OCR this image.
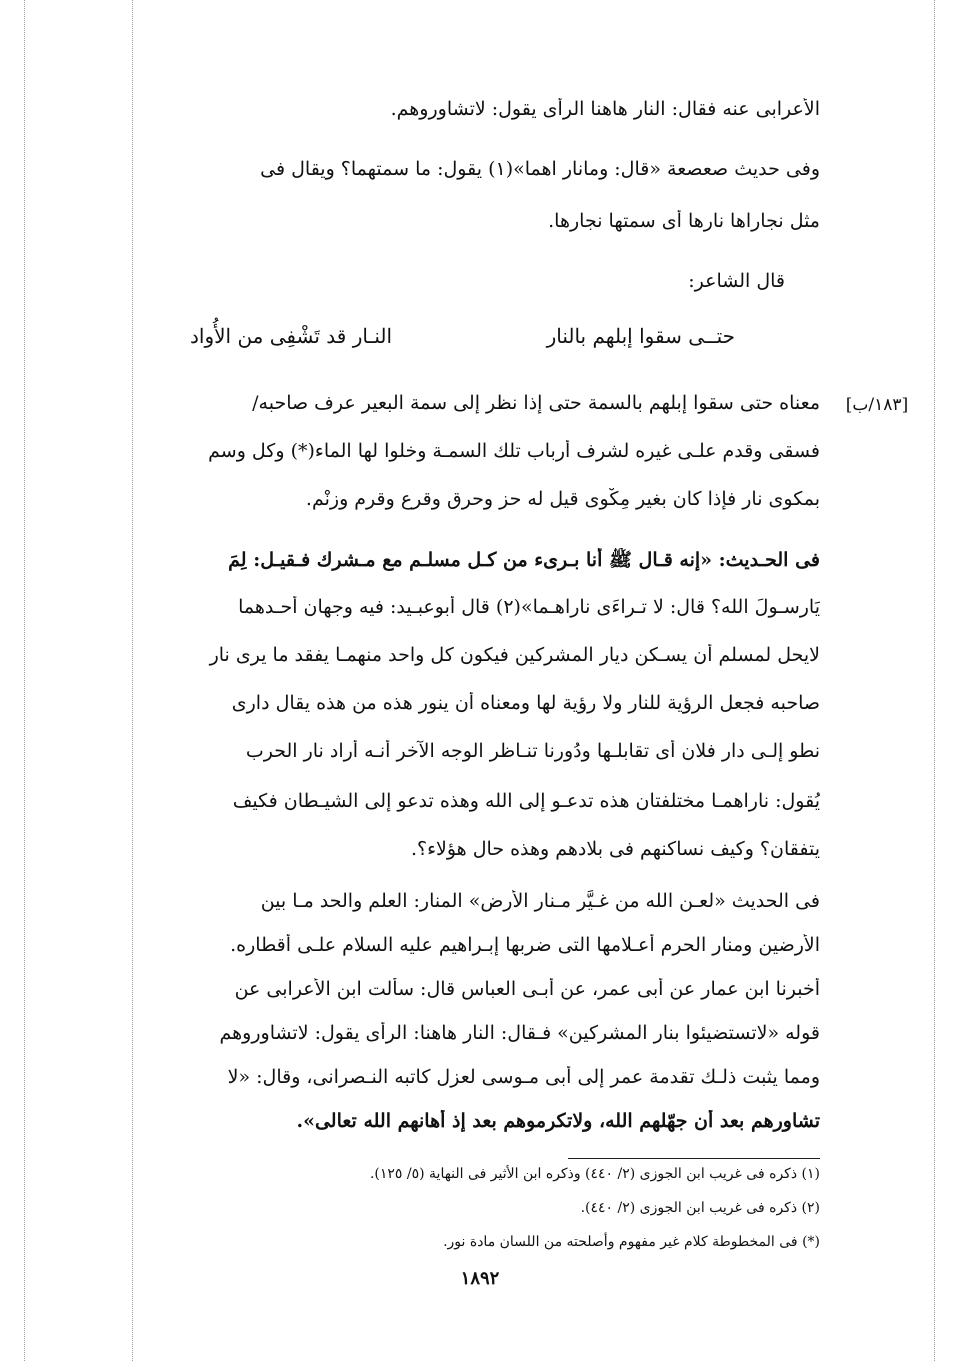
الأعرابى عنه فقال: النار هاهنا الرأى يقول: لاتشاوروهم.
وفى حديث صعصعة «قال: ومانار اهما»(١) يقول: ما سمتهما؟ ويقال فى
مثل نجاراها نارها أى سمتها نجارها.
قال الشاعر:
حتــى سقوا إبلهم بالنار
النـار قد تَشْفِى من الأُواد
[١٨٣/ب]
معناه حتى سقوا إبلهم بالسمة حتى إذا نظر إلى سمة البعير عرف صاحبه/
فسقى وقدم علـى غيره لشرف أرباب تلك السمـة وخلوا لها الماء(*) وكل وسم
بمكوى نار فإذا كان بغير مِكْوى قيل له حز وحرق وقرع وقرم وزنْم.
فى الحـديث: «إنه قـال ﷺ أنا بـرىء من كـل مسلـم مع مـشرك فـقيـل: لِمَ
يَارسـولَ الله؟ قال: لا تـراءَى ناراهـما»(٢) قال أبوعبـيد: فيه وجهان أحـدهما
لايحل لمسلم أن يسـكن ديار المشركين فيكون كل واحد منهمـا يفقد ما يرى نار
صاحبه فجعل الرؤية للنار ولا رؤية لها ومعناه أن ينور هذه من هذه يقال دارى
نطو إلـى دار فلان أى تقابلـها ودُورنا تنـاظر الوجه الآخر أنـه أراد نار الحرب
يُقول: ناراهمـا مختلفتان هذه تدعـو إلى الله وهذه تدعو إلى الشيـطان فكيف
يتفقان؟ وكيف نساكنهم فى بلادهم وهذه حال هؤلاء؟.
فى الحديث «لعـن الله من غـيَّر مـنار الأرض» المنار: العلم والحد مـا بين
الأرضين ومنار الحرم أعـلامها التى ضربها إبـراهيم عليه السلام علـى أقطاره.
أخبرنا ابن عمار عن أبى عمر، عن أبـى العباس قال: سألت ابن الأعرابى عن
قوله «لاتستضيئوا بنار المشركين» فـقال: النار هاهنا: الرأى يقول: لاتشاوروهم
ومما يثبت ذلـك تقدمة عمر إلى أبى مـوسى لعزل كاتبه النـصرانى، وقال: «لا
تشاورهم بعد أن جهّلهم الله، ولاتكرموهم بعد إذ أهانهم الله تعالى».
(١) ذكره فى غريب ابن الجوزى (٢/ ٤٤٠) وذكره ابن الأثير فى النهاية (٥/ ١٢٥).
(٢) ذكره فى غريب ابن الجوزى (٢/ ٤٤٠).
(*) فى المخطوطة كلام غير مفهوم وأصلحته من اللسان مادة نور.
١٨٩٢
